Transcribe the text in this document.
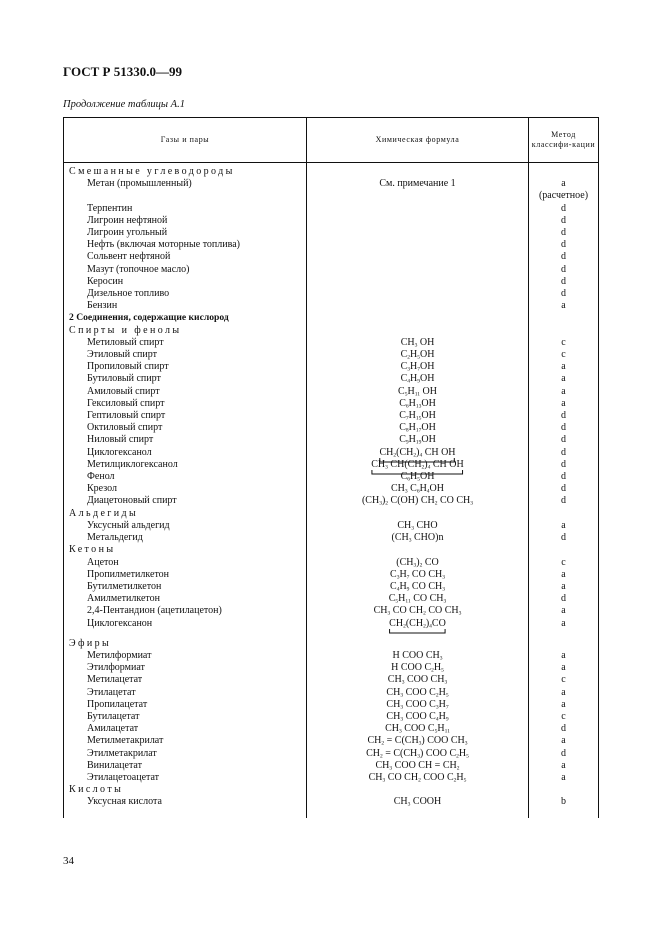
ГОСТ Р 51330.0—99
Продолжение таблицы А.1
Газы и пары	Химическая формула	Метод классифи-кации
Смешанные углеводороды		
Метан (промышленный)	См. примечание 1	а
		(расчетное)
Терпентин		d
Лигроин нефтяной		d
Лигроин угольный		d
Нефть (включая моторные топлива)		d
Сольвент нефтяной		d
Мазут (топочное масло)		d
Керосин		d
Дизельное топливо		d
Бензин		а
2 Соединения, содержащие кислород		
Спирты и фенолы		
Метиловый спирт	$CH_3$ OH	с
Этиловый спирт	$C_2H_5OH$	с
Пропиловый спирт	$C_3H_7OH$	а
Бутиловый спирт	$C_4H_9OH$	а
Амиловый спирт	$C_5H_{11}$ OH	а
Гексиловый спирт	$C_6H_{13}OH$	а
Гептиловый спирт	$C_7H_{15}OH$	d
Октиловый спирт	$C_8H_{17}OH$	d
Ниловый спирт	$C_9H_{19}OH$	d
Циклогексанол	$CH_2(CH_2)_4$ CH OH	d
Метилциклогексанол	$CH_3$ $CH(CH_2)_4$ CH OH	d
Фенол	$C_6H_5OH$	d
Крезол	$CH_3$ $C_6H_4OH$	d
Диацетоновый спирт	$(CH_3)_2$ C(OH) $CH_2$ CO $CH_3$	d
Альдегиды		
Уксусный альдегид	$CH_3$ CHO	а
Метальдегид	($CH_3$ CHO)n	d
Кетоны		
Ацетон	$(CH_3)_2$ CO	с
Пропилметилкетон	$C_3H_7$ CO $CH_3$	а
Бутилметилкетон	$C_4H_9$ CO $CH_3$	а
Амилметилкетон	$C_5H_{11}$ CO $CH_3$	d
2,4-Пентандион (ацетилацетон)	$CH_3$ CO $CH_2$ CO $CH_3$	а
Циклогексанон	$CH_2(CH_2)_4CO$	а

Эфиры		
Метилформиат	H COO $CH_3$	а
Этилформиат	H COO $C_2H_5$	а
Метилацетат	$CH_3$ COO $CH_3$	с
Этилацетат	$CH_3$ COO $C_2H_5$	а
Пропилацетат	$CH_3$ COO $C_3H_7$	а
Бутилацетат	$CH_3$ COO $C_4H_9$	с
Амилацетат	$CH_3$ COO $C_5H_{11}$	d
Метилметакрилат	$CH_2 = C(CH_3)$ COO $CH_3$	а
Этилметакрилат	$CH_2 = C(CH_3)$ COO $C_2H_5$	d
Винилацетат	$CH_3$ COO CH = $CH_2$	а
Этилацетоацетат	$CH_3$ CO $CH_2$ COO $C_2H_5$	а
Кислоты		
Уксусная кислота	$CH_3$ COOH	b
34
